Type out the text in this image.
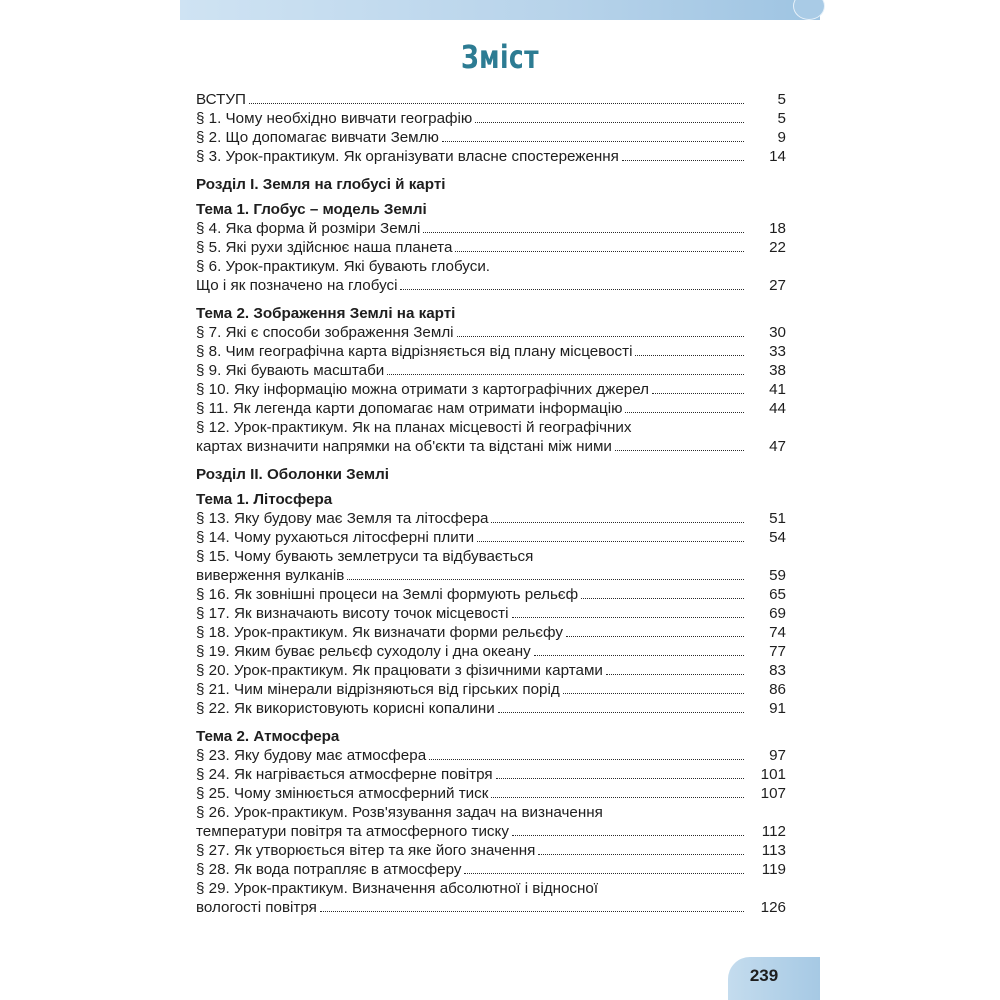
Зміст
ВСТУП	5
§ 1. Чому необхідно вивчати географію	5
§ 2. Що допомагає вивчати Землю	9
§ 3. Урок-практикум. Як організувати власне спостереження	14
Розділ І. Земля на глобусі й карті
Тема 1. Глобус – модель Землі
§ 4. Яка форма й розміри Землі	18
§ 5. Які рухи здійснює наша планета	22
§ 6. Урок-практикум. Які бувають глобуси.
Що і як позначено на глобусі	27
Тема 2. Зображення Землі на карті
§ 7. Які є способи зображення Землі	30
§ 8. Чим географічна карта відрізняється від плану місцевості	33
§ 9. Які бувають масштаби	38
§ 10. Яку інформацію можна отримати з картографічних джерел	41
§ 11. Як легенда карти допомагає нам отримати інформацію	44
§ 12. Урок-практикум. Як на планах місцевості й географічних
картах визначити напрямки на об'єкти та відстані між ними	47
Розділ ІІ. Оболонки Землі
Тема 1. Літосфера
§ 13. Яку будову має Земля та літосфера	51
§ 14. Чому рухаються літосферні плити	54
§ 15. Чому бувають землетруси та відбувається
виверження вулканів	59
§ 16. Як зовнішні процеси на Землі формують рельєф	65
§ 17. Як визначають висоту точок місцевості	69
§ 18. Урок-практикум. Як визначати форми рельєфу	74
§ 19. Яким буває рельєф суходолу і дна океану	77
§ 20. Урок-практикум. Як працювати з фізичними картами	83
§ 21. Чим мінерали відрізняються від гірських порід	86
§ 22. Як використовують корисні копалини	91
Тема 2. Атмосфера
§ 23. Яку будову має атмосфера	97
§ 24. Як нагрівається атмосферне повітря	101
§ 25. Чому змінюється атмосферний тиск	107
§ 26. Урок-практикум. Розв'язування задач на визначення
температури повітря та атмосферного тиску	112
§ 27. Як утворюється вітер та яке його значення	113
§ 28. Як вода потрапляє в атмосферу	119
§ 29. Урок-практикум. Визначення абсолютної і відносної
вологості повітря	126
239
